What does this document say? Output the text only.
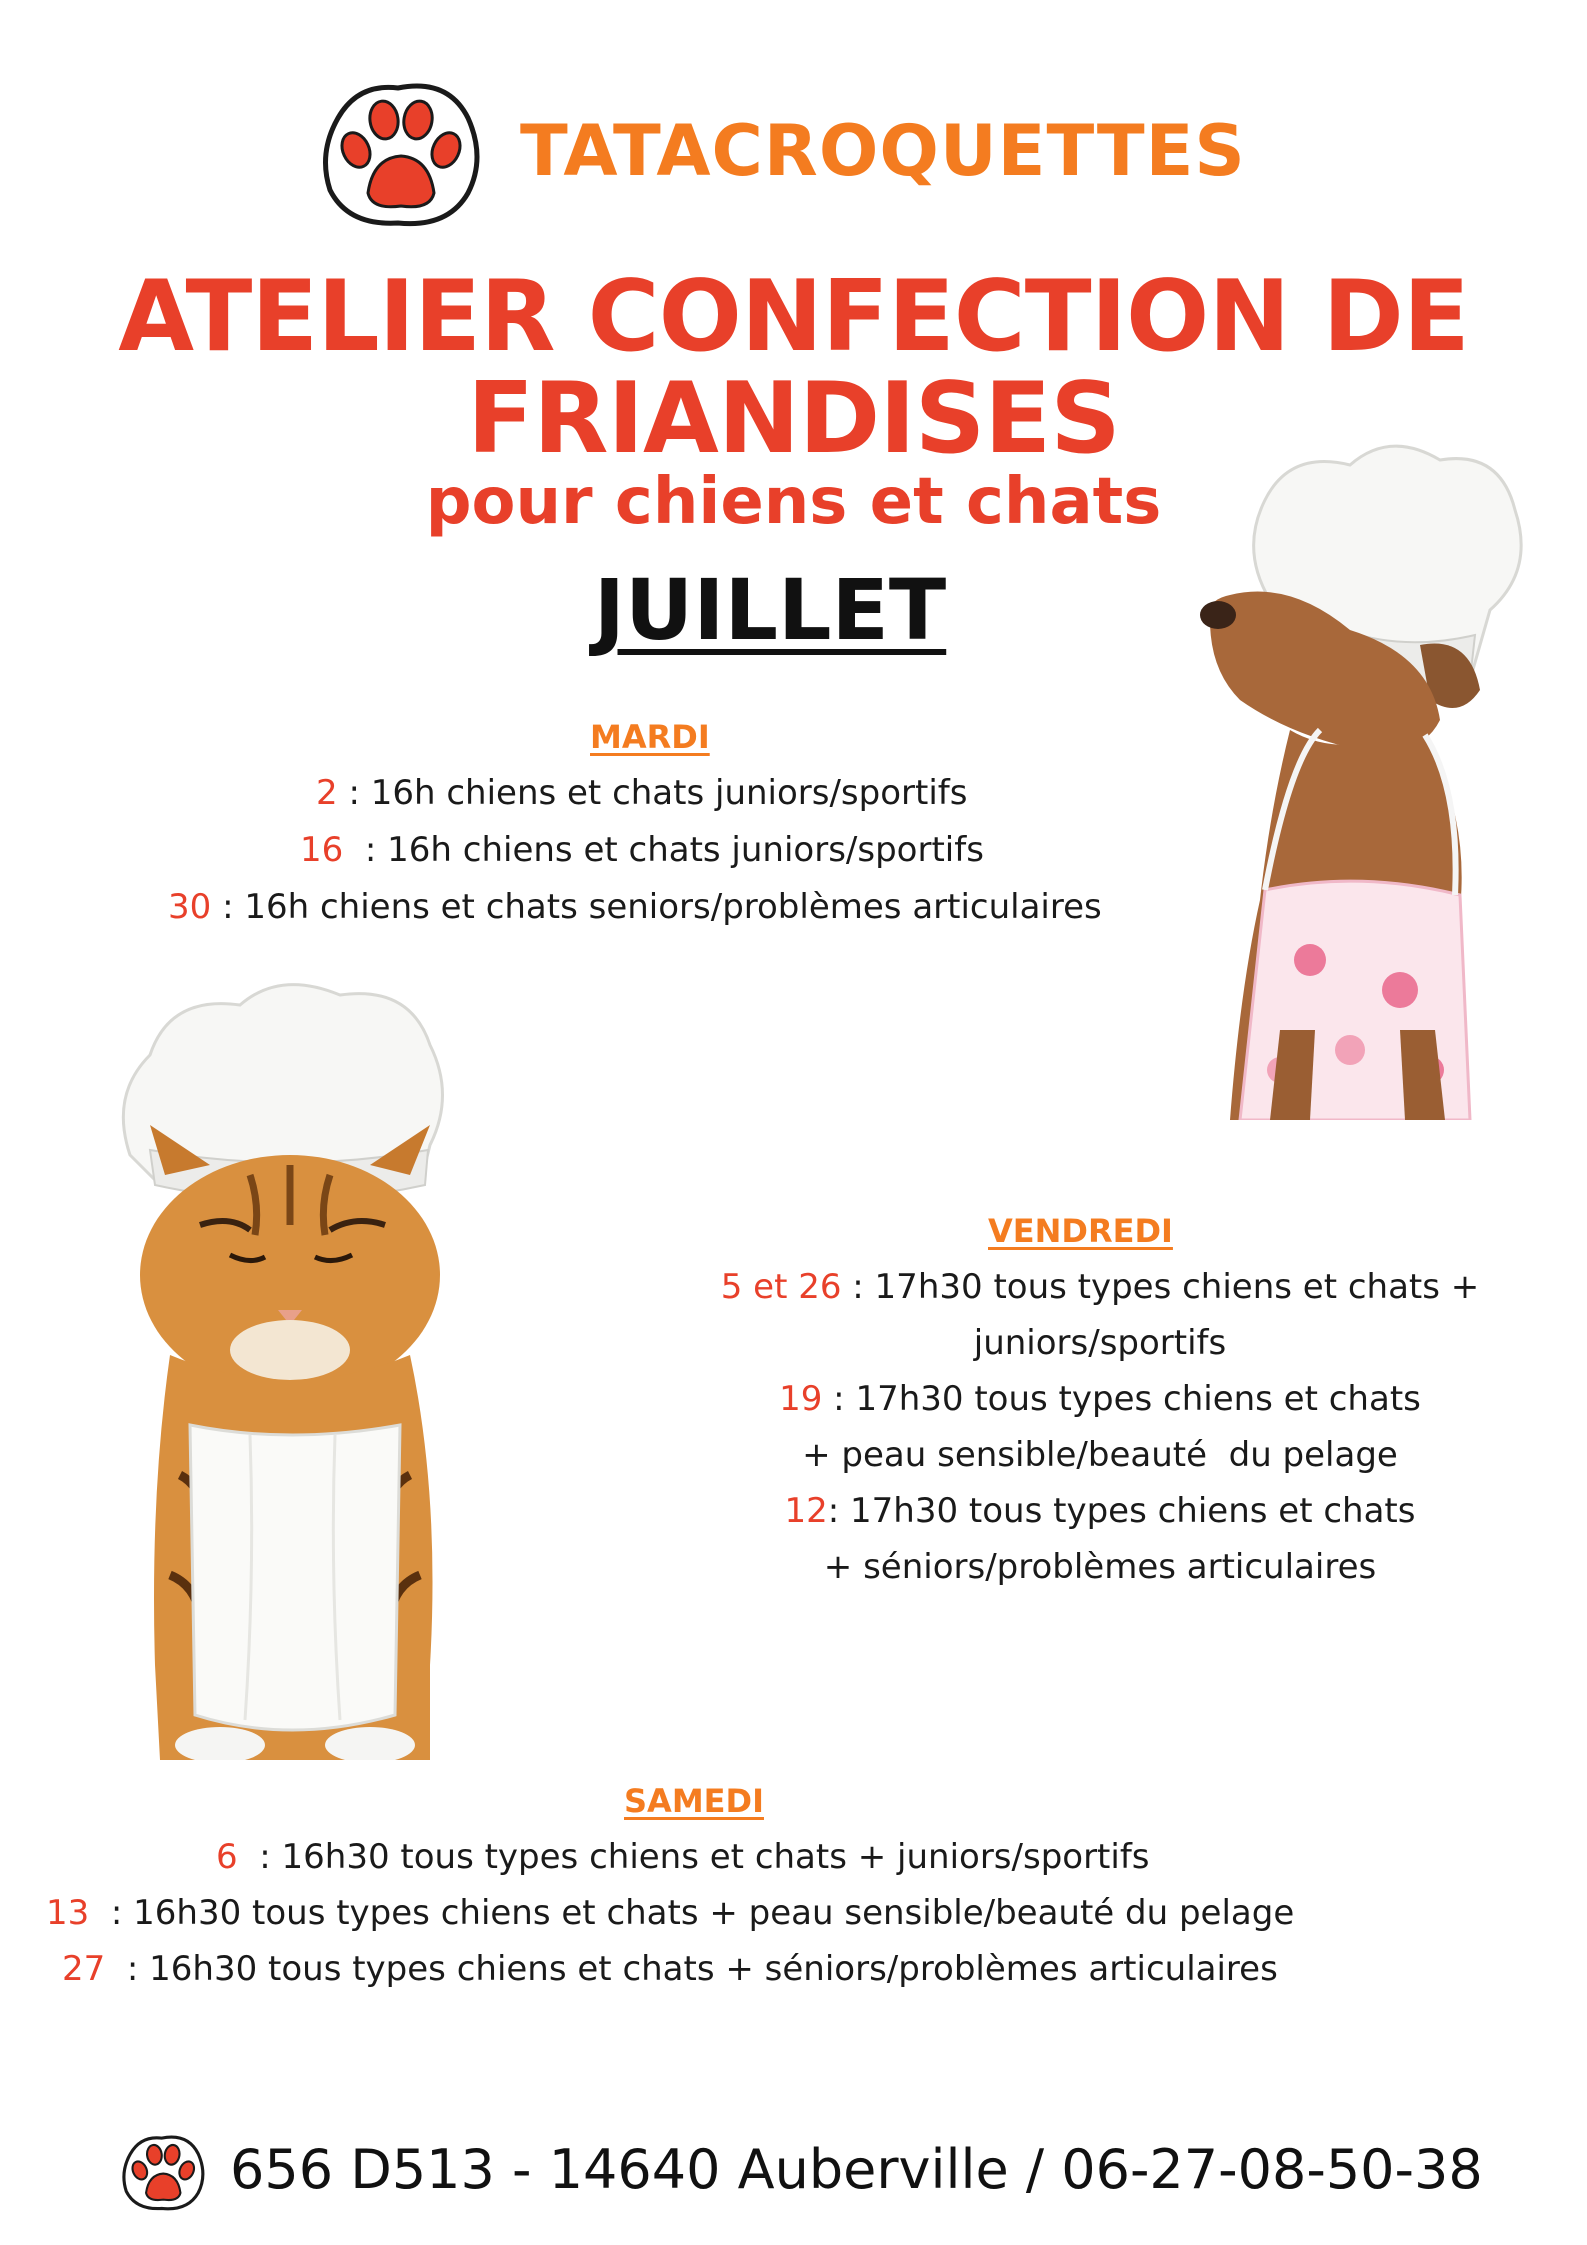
TATACROQUETTES
ATELIER CONFECTION DE
FRIANDISES
pour chiens et chats
JUILLET
MARDI
2 : 16h chiens et chats juniors/sportifs
16  : 16h chiens et chats juniors/sportifs
30 : 16h chiens et chats seniors/problèmes articulaires
VENDREDI
5 et 26 : 17h30 tous types chiens et chats +
juniors/sportifs
19 : 17h30 tous types chiens et chats
+ peau sensible/beauté  du pelage
12: 17h30 tous types chiens et chats
+ séniors/problèmes articulaires
SAMEDI
6  : 16h30 tous types chiens et chats + juniors/sportifs
13  : 16h30 tous types chiens et chats + peau sensible/beauté du pelage
27  : 16h30 tous types chiens et chats + séniors/problèmes articulaires
656 D513 - 14640 Auberville / 06-27-08-50-38
